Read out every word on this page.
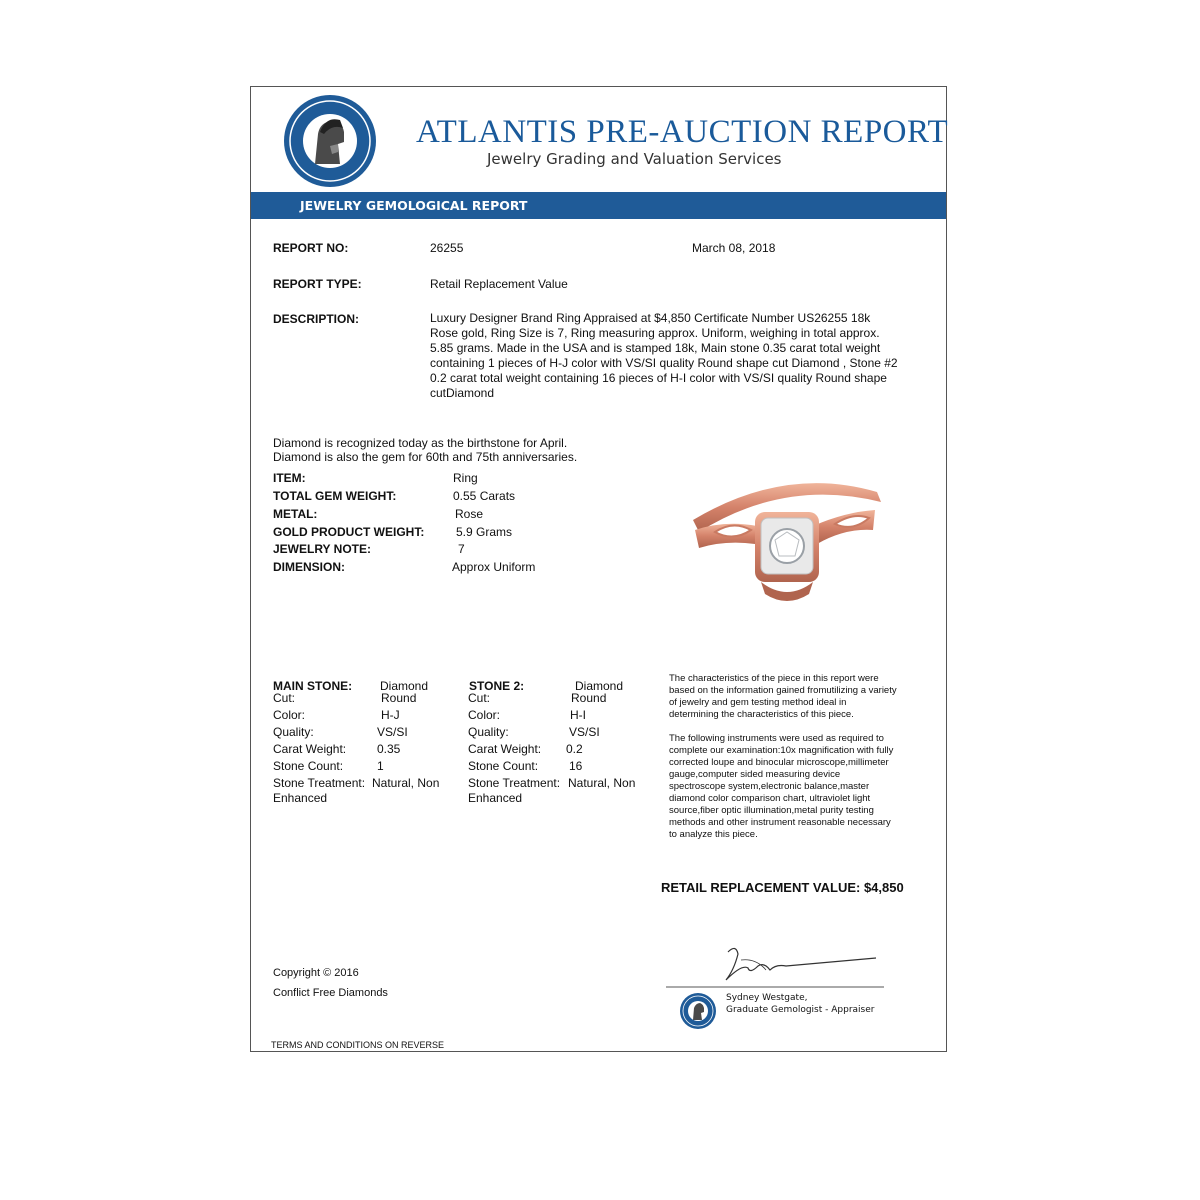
ATLANTIS PRE-AUCTION REPORT
Jewelry Grading and Valuation Services
JEWELRY GEMOLOGICAL REPORT
REPORT NO:	26255	March 08, 2018
REPORT TYPE:	Retail Replacement Value
DESCRIPTION:	Luxury Designer Brand Ring Appraised at $4,850 Certificate Number US26255 18k Rose gold, Ring Size is 7, Ring measuring approx. Uniform, weighing in total approx. 5.85 grams. Made in the USA and is stamped 18k, Main stone 0.35 carat total weight containing 1 pieces of H-J color with VS/SI quality Round shape cut Diamond , Stone #2 0.2 carat total weight containing 16 pieces of H-I color with VS/SI quality Round shape cutDiamond
Diamond is recognized today as the birthstone for April.
Diamond is also the gem for 60th and 75th anniversaries.
ITEM:	Ring
TOTAL GEM WEIGHT:	0.55 Carats
METAL:	Rose
GOLD PRODUCT WEIGHT:	5.9 Grams
JEWELRY NOTE:	7
DIMENSION:	Approx Uniform
MAIN STONE: Diamond
Cut:	Round
Color:	H-J
Quality:	VS/SI
Carat Weight:	0.35
Stone Count:	1
Stone Treatment: Natural, Non
Enhanced
STONE 2:	Diamond
Cut:	Round
Color:	H-I
Quality:	VS/SI
Carat Weight: 0.2
Stone Count:	16
Stone Treatment: Natural, Non
Enhanced
The characteristics of the piece in this report were
based on the information gained fromutilizing a variety
of jewelry and gem testing method ideal in
determining the characteristics of this piece.
The following instruments were used as required to
complete our examination:10x magnification with fully
corrected loupe and binocular microscope,millimeter
gauge,computer sided measuring device
spectroscope system,electronic balance,master
diamond color comparison chart, ultraviolet light
source,fiber optic illumination,metal purity testing
methods and other instrument reasonable necessary
to analyze this piece.
RETAIL REPLACEMENT VALUE: $4,850
Copyright © 2016
Conflict Free Diamonds
TERMS AND CONDITIONS ON REVERSE
Sydney Westgate,
Graduate Gemologist - Appraiser
